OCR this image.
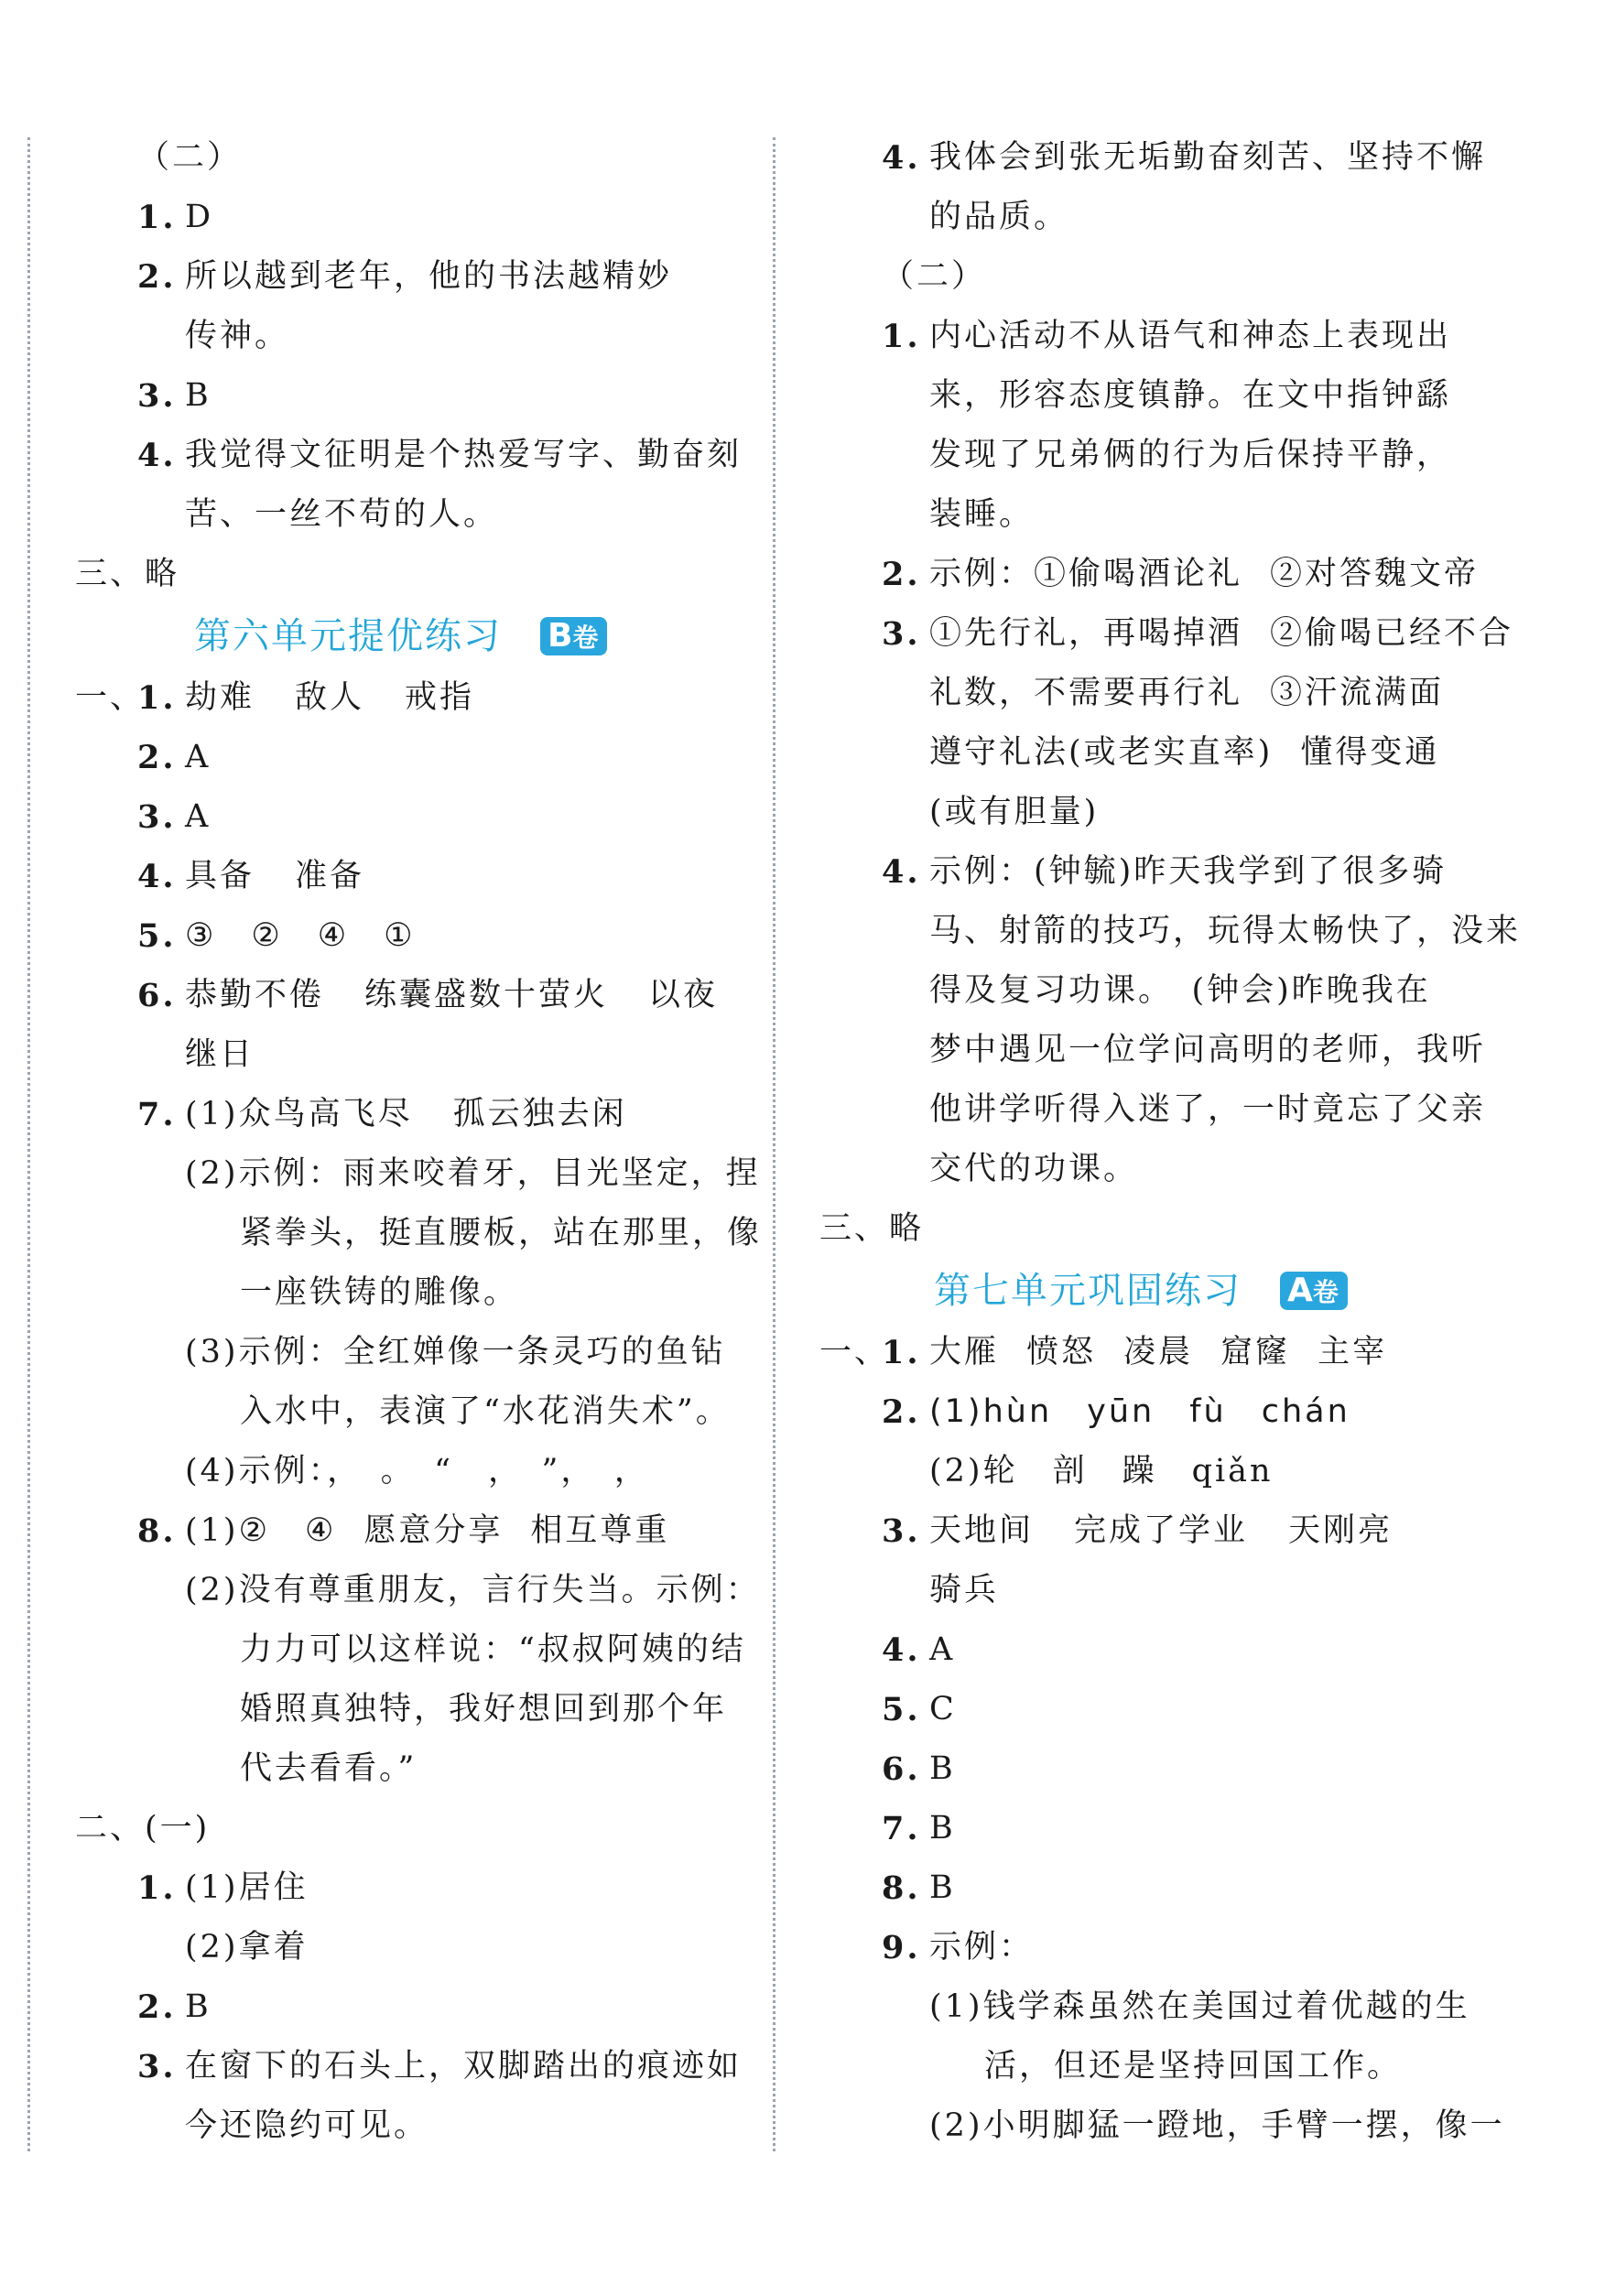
（二）
1. D
2. 所以越到老年，他的书法越精妙
传神。
3. B
4. 我觉得文征明是个热爱写字、勤奋刻
苦、一丝不苟的人。
三、略
第六单元提优练习 B卷
一、
1. 劫难 敌人 戒指
2. A
3. A
4. 具备 准备
5. ③　②　④　①
6. 恭勤不倦 练囊盛数十萤火 以夜
继日
7. (1)众鸟高飞尽 孤云独去闲
(2)示例：雨来咬着牙，目光坚定，捏
紧拳头，挺直腰板，站在那里，像
一座铁铸的雕像。
(3)示例：全红婵像一条灵巧的鱼钻
入水中，表演了“水花消失术”。
(4)示例：，　。　“　，　”，　，
8. (1)②　④ 愿意分享 相互尊重
(2)没有尊重朋友，言行失当。示例：
力力可以这样说：“叔叔阿姨的结
婚照真独特，我好想回到那个年
代去看看。”
二、(一)
1. (1)居住
(2)拿着
2. B
3. 在窗下的石头上，双脚踏出的痕迹如
今还隐约可见。
4. 我体会到张无垢勤奋刻苦、坚持不懈
的品质。
（二）
1. 内心活动不从语气和神态上表现出
来，形容态度镇静。在文中指钟繇
发现了兄弟俩的行为后保持平静，
装睡。
2. 示例：①偷喝酒论礼 ②对答魏文帝
3. ①先行礼，再喝掉酒 ②偷喝已经不合
礼数，不需要再行礼 ③汗流满面
遵守礼法(或老实直率) 懂得变通
(或有胆量)
4. 示例：(钟毓)昨天我学到了很多骑
马、射箭的技巧，玩得太畅快了，没来
得及复习功课。　(钟会)昨晚我在
梦中遇见一位学问高明的老师，我听
他讲学听得入迷了，一时竟忘了父亲
交代的功课。
三、略
第七单元巩固练习 A卷
一、
1. 大雁 愤怒 凌晨 窟窿 主宰
2. (1)hùn　yūn　fù　chán
(2)轮　剖　躁　qiǎn
3. 天地间 完成了学业 天刚亮
骑兵
4. A
5. C
6. B
7. B
8. B
9. 示例：
(1)钱学森虽然在美国过着优越的生
活，但还是坚持回国工作。
(2)小明脚猛一蹬地，手臂一摆，像一
